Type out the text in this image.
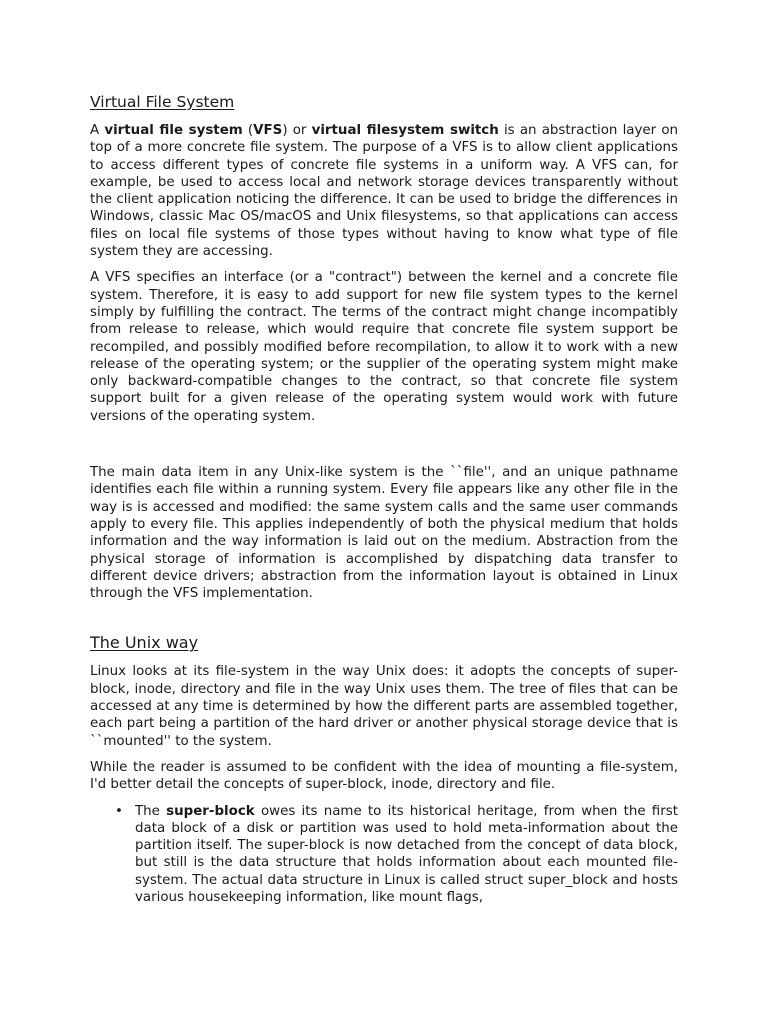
Virtual File System

A virtual file system (VFS) or virtual filesystem switch is an abstraction layer on top of a more concrete file system. The purpose of a VFS is to allow client applications to access different types of concrete file systems in a uniform way. A VFS can, for example, be used to access local and network storage devices transparently without the client application noticing the difference. It can be used to bridge the differences in Windows, classic Mac OS/macOS and Unix filesystems, so that applications can access files on local file systems of those types without having to know what type of file system they are accessing.

A VFS specifies an interface (or a "contract") between the kernel and a concrete file system. Therefore, it is easy to add support for new file system types to the kernel simply by fulfilling the contract. The terms of the contract might change incompatibly from release to release, which would require that concrete file system support be recompiled, and possibly modified before recompilation, to allow it to work with a new release of the operating system; or the supplier of the operating system might make only backward-compatible changes to the contract, so that concrete file system support built for a given release of the operating system would work with future versions of the operating system.

The main data item in any Unix-like system is the ``file'', and an unique pathname identifies each file within a running system. Every file appears like any other file in the way is is accessed and modified: the same system calls and the same user commands apply to every file. This applies independently of both the physical medium that holds information and the way information is laid out on the medium. Abstraction from the physical storage of information is accomplished by dispatching data transfer to different device drivers; abstraction from the information layout is obtained in Linux through the VFS implementation.

The Unix way

Linux looks at its file-system in the way Unix does: it adopts the concepts of super-block, inode, directory and file in the way Unix uses them. The tree of files that can be accessed at any time is determined by how the different parts are assembled together, each part being a partition of the hard driver or another physical storage device that is ``mounted'' to the system.

While the reader is assumed to be confident with the idea of mounting a file-system, I'd better detail the concepts of super-block, inode, directory and file.

• The super-block owes its name to its historical heritage, from when the first data block of a disk or partition was used to hold meta-information about the partition itself. The super-block is now detached from the concept of data block, but still is the data structure that holds information about each mounted file-system. The actual data structure in Linux is called struct super_block and hosts various housekeeping information, like mount flags,
